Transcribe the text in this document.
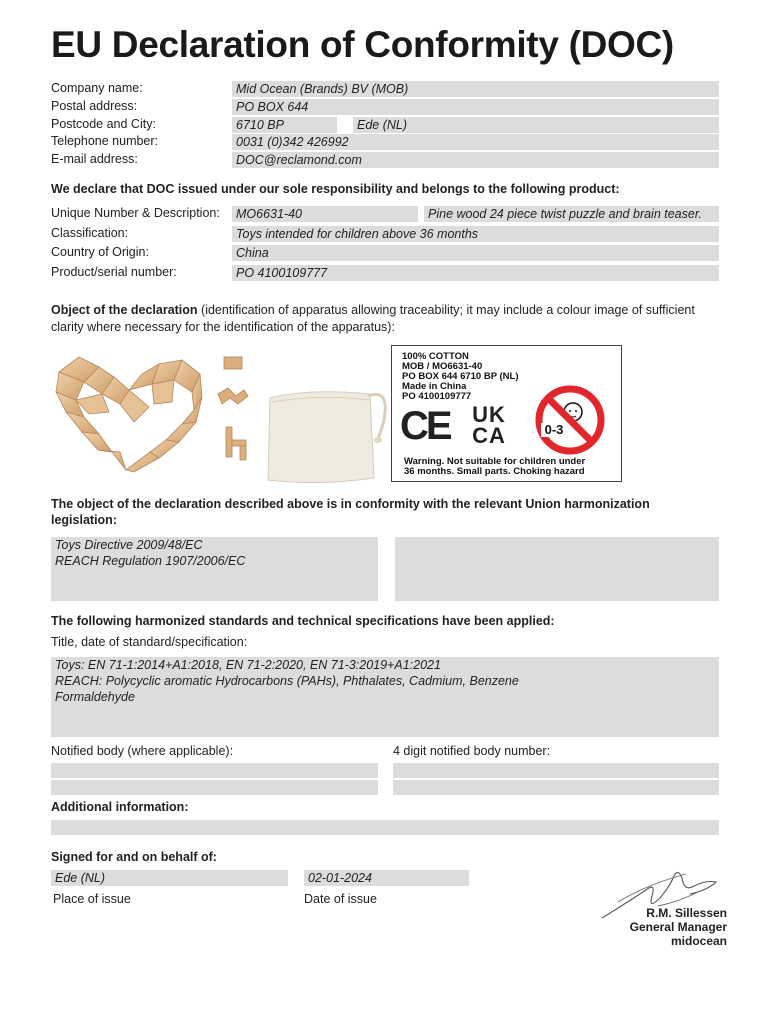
EU Declaration of Conformity (DOC)
Company name:	Mid Ocean (Brands) BV (MOB)
Postal address:	PO BOX 644
Postcode and City:	6710 BP	Ede (NL)
Telephone number:	0031 (0)342 426992
E-mail address:	DOC@reclamond.com
We declare that DOC issued under our sole responsibility and belongs to the following product:
Unique Number & Description:	MO6631-40	Pine wood 24 piece twist puzzle and brain teaser.
Classification:	Toys intended for children above 36 months
Country of Origin:	China
Product/serial number:	PO 4100109777
Object of the declaration (identification of apparatus allowing traceability; it may include a colour image of sufficient clarity where necessary for the identification of the apparatus):
100% COTTON
MOB / MO6631-40
PO BOX 644 6710 BP (NL)
Made in China
PO 4100109777
CE UK
CA	0-3
Warning. Not suitable for children under
36 months. Small parts. Choking hazard
The object of the declaration described above is in conformity with the relevant Union harmonization legislation:
Toys Directive 2009/48/EC
REACH Regulation 1907/2006/EC
The following harmonized standards and technical specifications have been applied:
Title, date of standard/specification:
Toys: EN 71-1:2014+A1:2018, EN 71-2:2020, EN 71-3:2019+A1:2021
REACH: Polycyclic aromatic Hydrocarbons (PAHs), Phthalates, Cadmium, Benzene
Formaldehyde
Notified body (where applicable):	4 digit notified body number:
Additional information:
Signed for and on behalf of:
Ede (NL)
Place of issue
02-01-2024
Date of issue
R.M. Sillessen
General Manager
midocean
